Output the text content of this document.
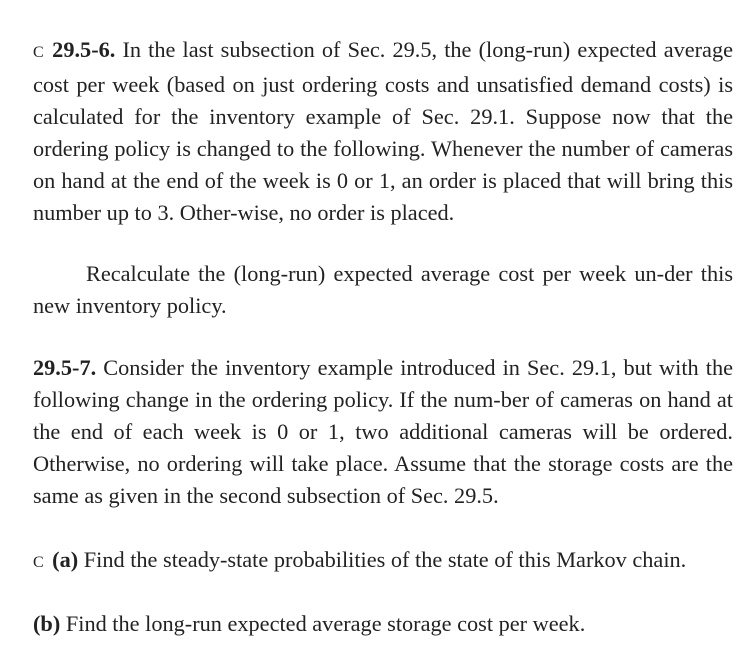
C 29.5-6. In the last subsection of Sec. 29.5, the (long-run) expected average cost per week (based on just ordering costs and unsatisfied demand costs) is calculated for the inventory example of Sec. 29.1. Suppose now that the ordering policy is changed to the following. Whenever the number of cameras on hand at the end of the week is 0 or 1, an order is placed that will bring this number up to 3. Other-wise, no order is placed.

Recalculate the (long-run) expected average cost per week un-der this new inventory policy.

29.5-7. Consider the inventory example introduced in Sec. 29.1, but with the following change in the ordering policy. If the num-ber of cameras on hand at the end of each week is 0 or 1, two additional cameras will be ordered. Otherwise, no ordering will take place. Assume that the storage costs are the same as given in the second subsection of Sec. 29.5.

C (a) Find the steady-state probabilities of the state of this Markov chain.

(b) Find the long-run expected average storage cost per week.
